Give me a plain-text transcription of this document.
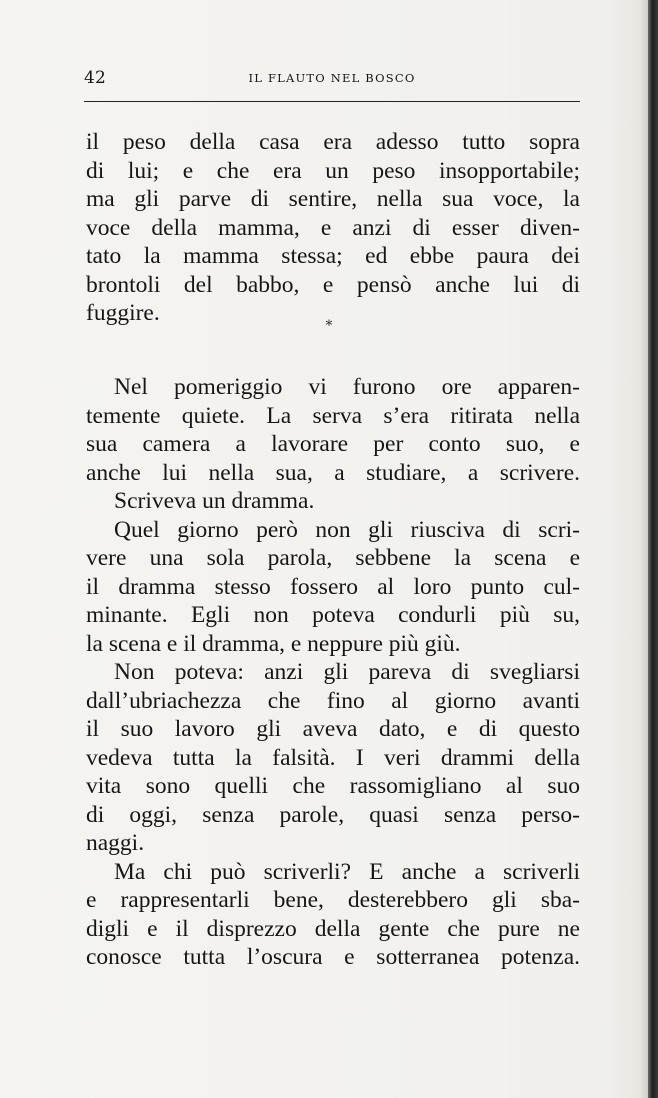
42	IL FLAUTO NEL BOSCO
il peso della casa era adesso tutto sopra
di lui; e che era un peso insopportabile;
ma gli parve di sentire, nella sua voce, la
voce della mamma, e anzi di esser diven-
tato la mamma stessa; ed ebbe paura dei
brontoli del babbo, e pensò anche lui di
fuggire.	*
Nel pomeriggio vi furono ore apparen-
temente quiete. La serva s’era ritirata nella
sua camera a lavorare per conto suo, e
anche lui nella sua, a studiare, a scrivere.
Scriveva un dramma.
Quel giorno però non gli riusciva di scri-
vere una sola parola, sebbene la scena e
il dramma stesso fossero al loro punto cul-
minante. Egli non poteva condurli più su,
la scena e il dramma, e neppure più giù.
Non poteva: anzi gli pareva di svegliarsi
dall’ubriachezza che fino al giorno avanti
il suo lavoro gli aveva dato, e di questo
vedeva tutta la falsità. I veri drammi della
vita sono quelli che rassomigliano al suo
di oggi, senza parole, quasi senza perso-
naggi.
Ma chi può scriverli? E anche a scriverli
e rappresentarli bene, desterebbero gli sba-
digli e il disprezzo della gente che pure ne
conosce tutta l’oscura e sotterranea potenza.
